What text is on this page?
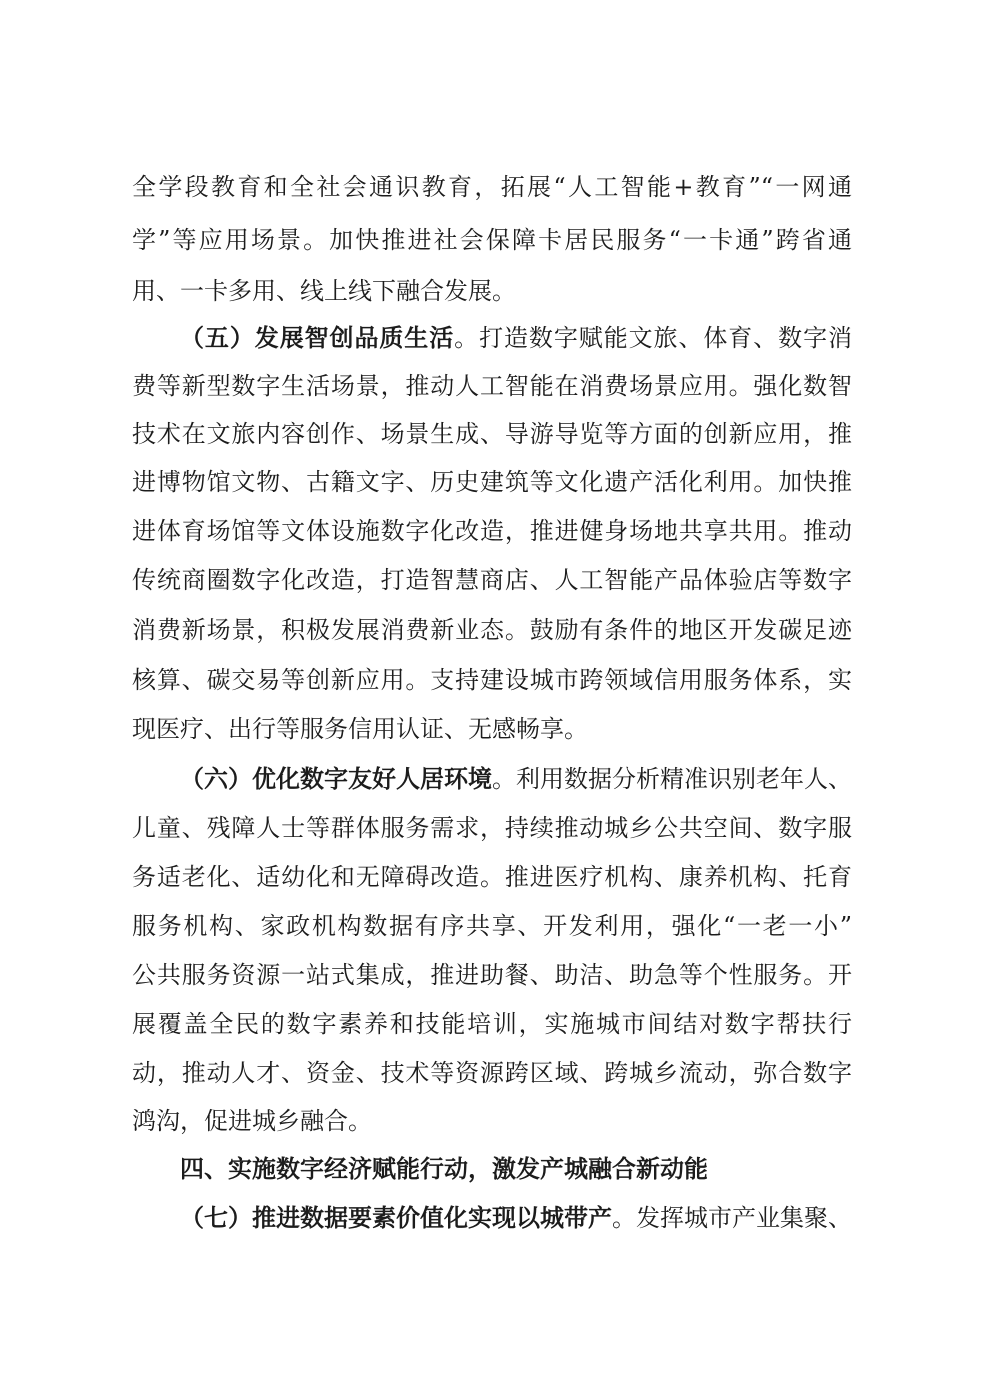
全学段教育和全社会通识教育，拓展“人工智能+教育”“一网通
学”等应用场景。加快推进社会保障卡居民服务“一卡通”跨省通
用、一卡多用、线上线下融合发展。
（五）发展智创品质生活。打造数字赋能文旅、体育、数字消
费等新型数字生活场景，推动人工智能在消费场景应用。强化数智
技术在文旅内容创作、场景生成、导游导览等方面的创新应用，推
进博物馆文物、古籍文字、历史建筑等文化遗产活化利用。加快推
进体育场馆等文体设施数字化改造，推进健身场地共享共用。推动
传统商圈数字化改造，打造智慧商店、人工智能产品体验店等数字
消费新场景，积极发展消费新业态。鼓励有条件的地区开发碳足迹
核算、碳交易等创新应用。支持建设城市跨领域信用服务体系，实
现医疗、出行等服务信用认证、无感畅享。
（六）优化数字友好人居环境。利用数据分析精准识别老年人、
儿童、残障人士等群体服务需求，持续推动城乡公共空间、数字服
务适老化、适幼化和无障碍改造。推进医疗机构、康养机构、托育
服务机构、家政机构数据有序共享、开发利用，强化“一老一小”
公共服务资源一站式集成，推进助餐、助洁、助急等个性服务。开
展覆盖全民的数字素养和技能培训，实施城市间结对数字帮扶行
动，推动人才、资金、技术等资源跨区域、跨城乡流动，弥合数字
鸿沟，促进城乡融合。
四、实施数字经济赋能行动，激发产城融合新动能
（七）推进数据要素价值化实现以城带产。发挥城市产业集聚、
